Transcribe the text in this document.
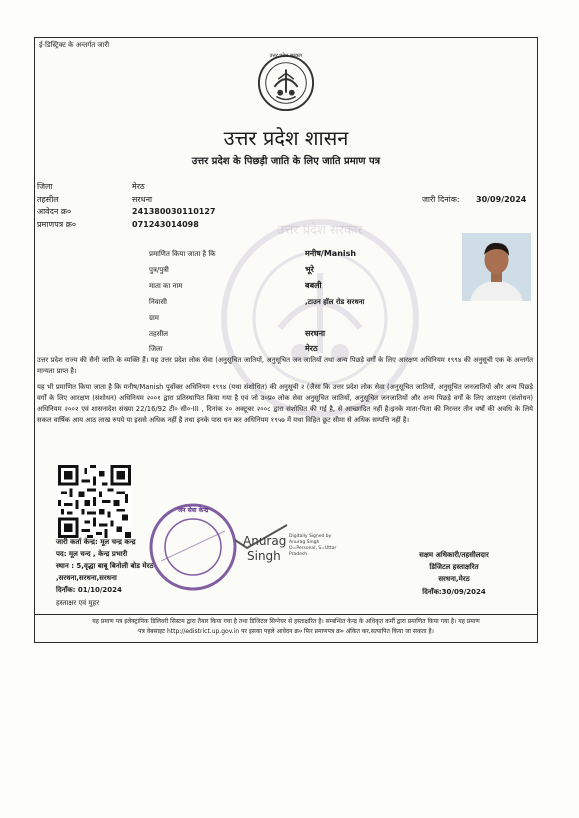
ई-डिस्ट्रिक्ट के अन्तर्गत जारी
उत्तर प्रदेश सरकार
उत्तर प्रदेश सरकार
उत्तर प्रदेश शासन
उत्तर प्रदेश के पिछड़ी जाति के लिए जाति प्रमाण पत्र
जिला	मेरठ
तहसील	सरधना
आवेदन क्र०	241380030110127
प्रमाणपत्र क्र०	071243014098
जारी दिनांक: 30/09/2024
प्रमाणित किया जाता है कि	मनीष/Manish
पुत्र/पुत्री	भूरे
माता का नाम	बबली
निवासी	,टाउन हॉल रोड सरधना
ग्राम
तहसील	सरधना
जिला	मेरठ
उत्तर प्रदेश राज्य की सैनी जाति के व्यक्ति हैं। यह उत्तर प्रदेश लोक सेवा (अनुसूचित जातियों, अनुसूचित जन जातियों तथा अन्य पिछड़े वर्गों के लिए आरक्षण अधिनियम १९९४ की अनुसूची एक के अन्तर्गत मान्यता प्राप्त है।
यह भी प्रमाणित किया जाता है कि मनीष/Manish पूर्वोक्त अधिनियम १९९४ (यथा संशोधित) की अनुसूची २ (जैसा कि उत्तर प्रदेश लोक सेवा (अनुसूचित जातियों, अनुसूचित जनजातियों और अन्य पिछड़े वर्गों के लिए आरक्षण (संशोधन) अधिनियम २००१ द्वारा प्रतिस्थापित किया गया है एवं जो उ०प्र० लोक सेवा अनुसूचित जातियों, अनुसूचित जनजातियों और अन्य पिछड़े वर्गों के लिए आरक्षण (संशोधन) अधिनियम २००२ एवं शासनादेश संख्या 22/16/92 टी० सी०-III , दिनांक २० अक्टूबर २००८ द्वारा संशोधित की गई है, से आच्छादित नहीं है।इनके माता-पिता की निरन्तर तीन वर्षों की अवधि के लिये सकल वार्षिक आय आठ लाख रुपये या इससे अधिक नहीं है तथा इनके पास धन कर अधिनियम १९५७ में यथा विहित छूट सीमा से अधिक सम्पत्ति नहीं है।
जारी कर्ता केन्द्र: मूल चन्द्र कन्द्र
पद: मूल चन्द , केन्द्र प्रभारी
स्थान : 5,वृद्धा बाबू बिनोली बोड मेरठ
,सरधना,सरधना,सरधना
दिनाँक: 01/10/2024
हस्ताक्षर एवं मुहर
जन सेवा केन्द्र
Anurag
Singh
Digitally Signed by
Anurag Singh
O=Personal, S=Uttar
Pradesh	सक्षम अधिकारी/तहसीलदार
डिजिटल हस्ताक्षरित
सरधना,मेरठ
दिनाँक:30/09/2024
यह प्रमाण पत्र इलेक्ट्रानिक डिलिवरी सिस्टम द्वारा तैयार किया गया है तथा डिजिटल सिग्नेचर से हस्ताक्षरित है। सम्बन्धित केन्द्र के अधिकृत कर्मी द्वारा प्रमाणित किया गया है। यह प्रमाण
पत्र वेबसाइट http://edistrict.up.gov.in पर इसका पहले आवेदन क्र० फिर प्रमाणपत्र क्र० अंकित कर,सत्यापित किया जा सकता है।
